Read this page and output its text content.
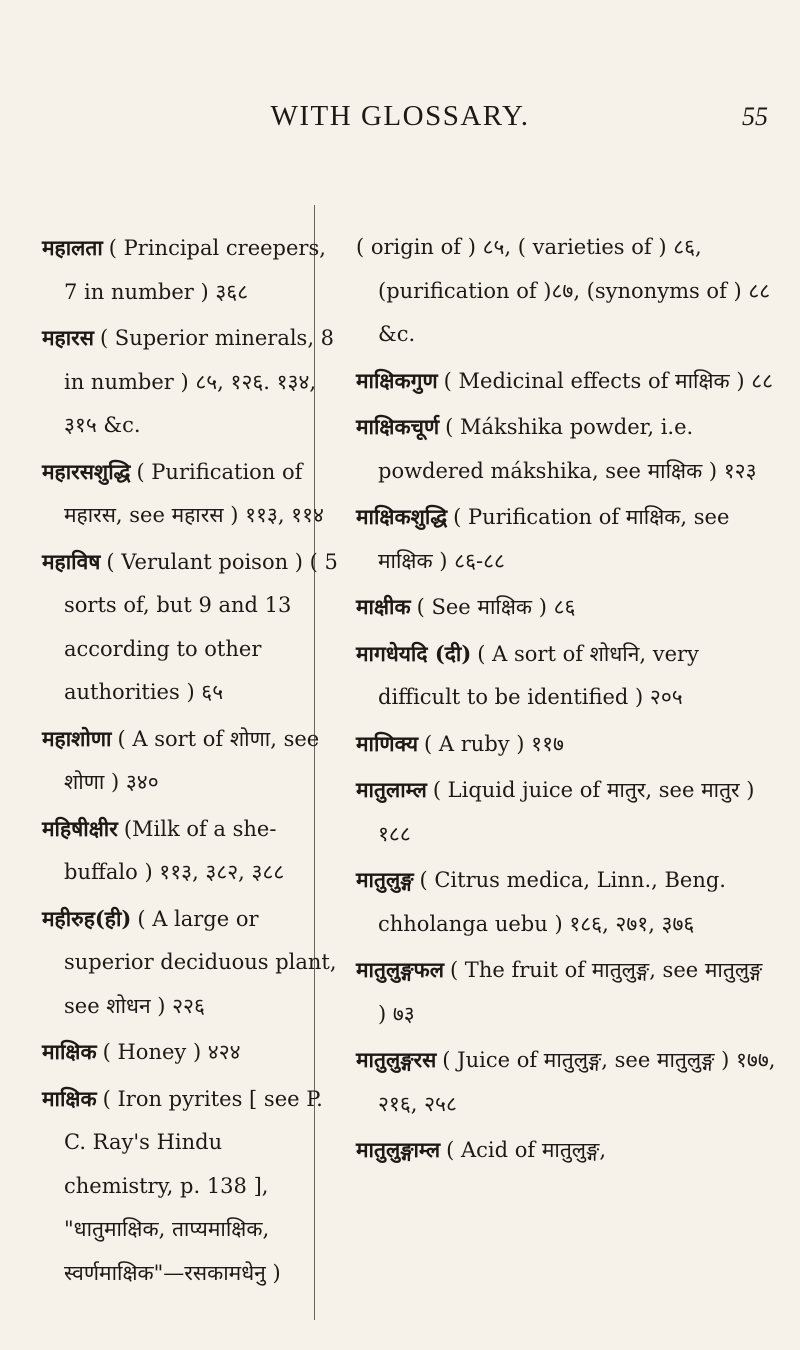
WITH GLOSSARY.	55
महालता ( Principal creepers, 7 in number ) ३६८
महारस ( Superior minerals, 8 in number ) ८५, १२६. १३४, ३१५ &c.
महारसशुद्धि ( Purification of महारस, see महारस ) ११३, ११४
महाविष ( Verulant poison ) ( 5 sorts of, but 9 and 13 according to other authorities ) ६५
महाशोणा ( A sort of शोणा, see शोणा ) ३४०
महिषीक्षीर (Milk of a she-buffalo ) ११३, ३८२, ३८८
महीरुह(ही) ( A large or superior deciduous plant, see शोधन ) २२६
माक्षिक ( Honey ) ४२४
माक्षिक ( Iron pyrites [ see P. C. Ray's Hindu chemistry, p. 138 ], "धातुमाक्षिक, ताप्यमाक्षिक, स्वर्णमाक्षिक"—रसकामधेनु )
( origin of ) ८५, ( varieties of ) ८६, (purification of )८७, (synonyms of ) ८८ &c.
माक्षिकगुण ( Medicinal effects of माक्षिक ) ८८
माक्षिकचूर्ण ( Mákshika powder, i.e. powdered mákshika, see माक्षिक ) १२३
माक्षिकशुद्धि ( Purification of माक्षिक, see माक्षिक ) ८६-८८
माक्षीक ( See माक्षिक ) ८६
मागधेयदि (दी) ( A sort of शोधनि, very difficult to be identified ) २०५
माणिक्य ( A ruby ) ११७
मातुलाम्ल ( Liquid juice of मातुर, see मातुर ) १८८
मातुलुङ्ग ( Citrus medica, Linn., Beng. chholanga uebu ) १८६, २७१, ३७६
मातुलुङ्गफल ( The fruit of मातुलुङ्ग, see मातुलुङ्ग ) ७३
मातुलुङ्गरस ( Juice of मातुलुङ्ग, see मातुलुङ्ग ) १७७, २१६, २५८
मातुलुङ्गाम्ल ( Acid of मातुलुङ्ग,
